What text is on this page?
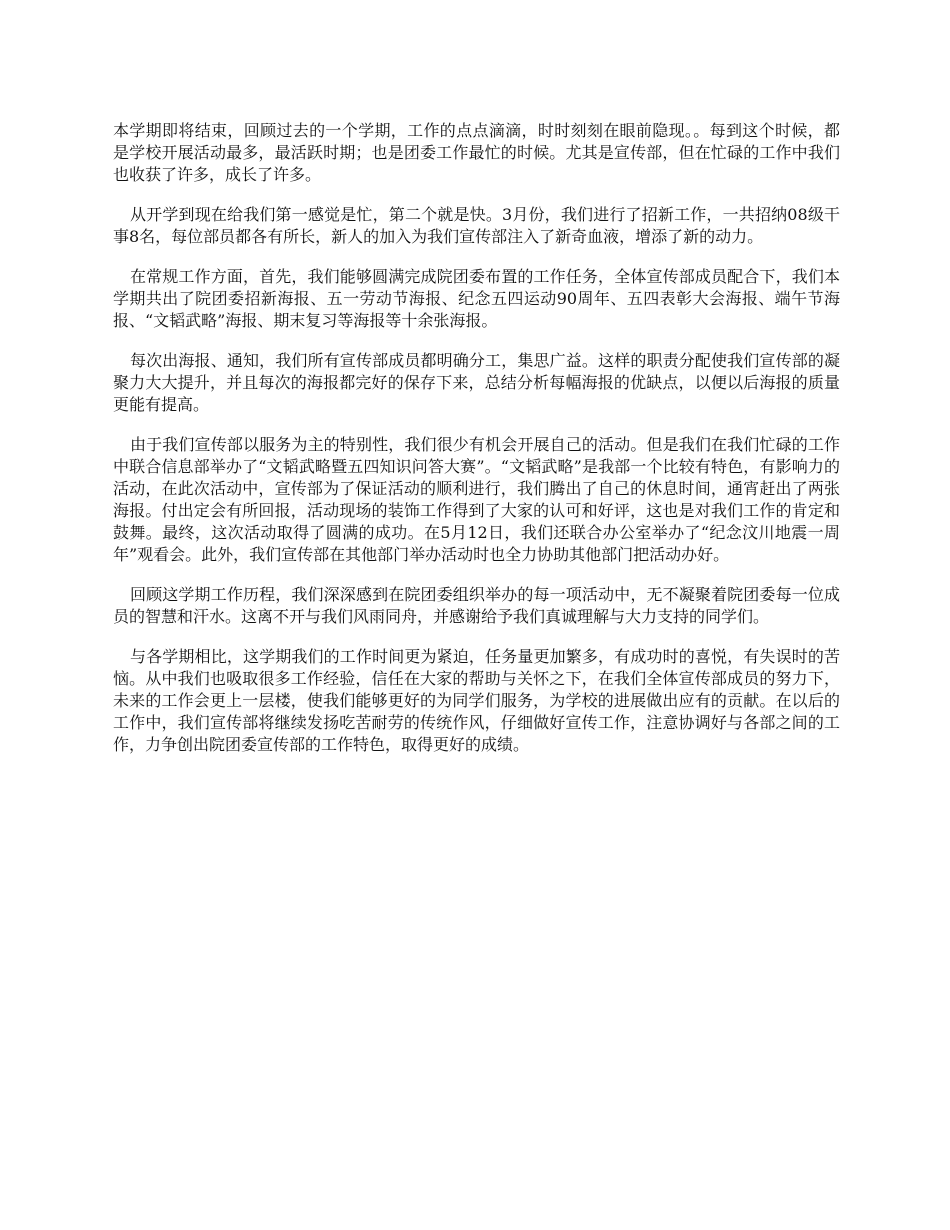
本学期即将结束，回顾过去的一个学期，工作的点点滴滴，时时刻刻在眼前隐现。。每到这个时候，都是学校开展活动最多，最活跃时期；也是团委工作最忙的时候。尤其是宣传部，但在忙碌的工作中我们也收获了许多，成长了许多。

从开学到现在给我们第一感觉是忙，第二个就是快。3月份，我们进行了招新工作，一共招纳08级干事8名，每位部员都各有所长，新人的加入为我们宣传部注入了新奇血液，增添了新的动力。

在常规工作方面，首先，我们能够圆满完成院团委布置的工作任务，全体宣传部成员配合下，我们本学期共出了院团委招新海报、五一劳动节海报、纪念五四运动90周年、五四表彰大会海报、端午节海报、“文韬武略”海报、期末复习等海报等十余张海报。

每次出海报、通知，我们所有宣传部成员都明确分工，集思广益。这样的职责分配使我们宣传部的凝聚力大大提升，并且每次的海报都完好的保存下来，总结分析每幅海报的优缺点，以便以后海报的质量更能有提高。

由于我们宣传部以服务为主的特别性，我们很少有机会开展自己的活动。但是我们在我们忙碌的工作中联合信息部举办了“文韬武略暨五四知识问答大赛”。“文韬武略”是我部一个比较有特色，有影响力的活动，在此次活动中，宣传部为了保证活动的顺利进行，我们腾出了自己的休息时间，通宵赶出了两张海报。付出定会有所回报，活动现场的装饰工作得到了大家的认可和好评，这也是对我们工作的肯定和鼓舞。最终，这次活动取得了圆满的成功。在5月12日，我们还联合办公室举办了“纪念汶川地震一周年”观看会。此外，我们宣传部在其他部门举办活动时也全力协助其他部门把活动办好。

回顾这学期工作历程，我们深深感到在院团委组织举办的每一项活动中，无不凝聚着院团委每一位成员的智慧和汗水。这离不开与我们风雨同舟，并感谢给予我们真诚理解与大力支持的同学们。

与各学期相比，这学期我们的工作时间更为紧迫，任务量更加繁多，有成功时的喜悦，有失误时的苦恼。从中我们也吸取很多工作经验，信任在大家的帮助与关怀之下，在我们全体宣传部成员的努力下，未来的工作会更上一层楼，使我们能够更好的为同学们服务，为学校的进展做出应有的贡献。在以后的工作中，我们宣传部将继续发扬吃苦耐劳的传统作风，仔细做好宣传工作，注意协调好与各部之间的工作，力争创出院团委宣传部的工作特色，取得更好的成绩。
